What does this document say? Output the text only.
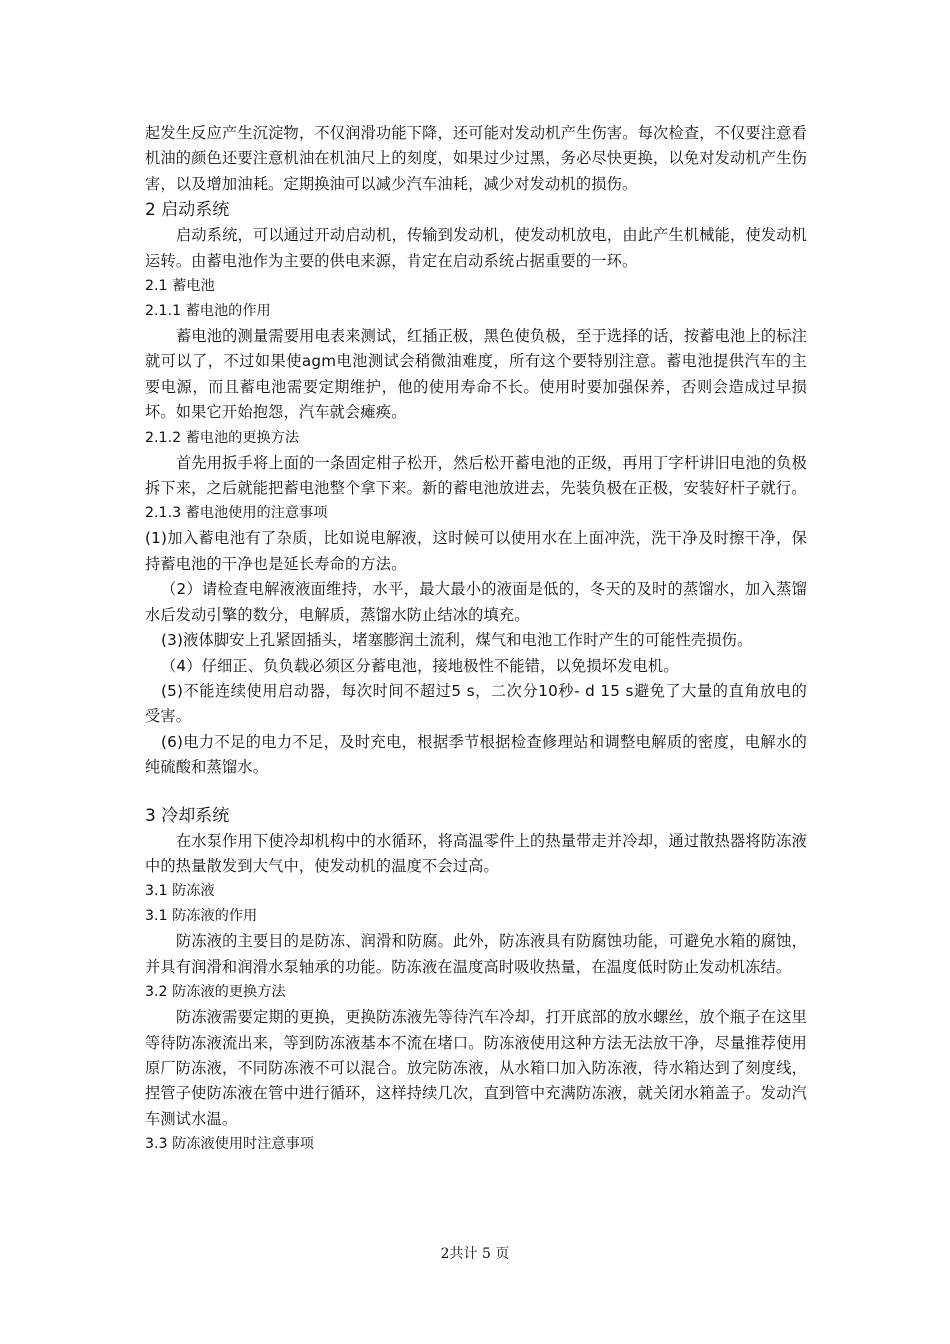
起发生反应产生沉淀物，不仅润滑功能下降，还可能对发动机产生伤害。每次检查，不仅要注意看机油的颜色还要注意机油在机油尺上的刻度，如果过少过黑，务必尽快更换，以免对发动机产生伤害，以及增加油耗。定期换油可以减少汽车油耗，减少对发动机的损伤。

2 启动系统

启动系统，可以通过开动启动机，传输到发动机，使发动机放电，由此产生机械能，使发动机运转。由蓄电池作为主要的供电来源，肯定在启动系统占据重要的一环。

2.1 蓄电池
2.1.1 蓄电池的作用

蓄电池的测量需要用电表来测试，红插正极，黑色使负极，至于选择的话，按蓄电池上的标注就可以了，不过如果使agm电池测试会稍微油难度，所有这个要特别注意。蓄电池提供汽车的主要电源，而且蓄电池需要定期维护，他的使用寿命不长。使用时要加强保养，否则会造成过早损坏。如果它开始抱怨，汽车就会瘫痪。

2.1.2 蓄电池的更换方法

首先用扳手将上面的一条固定柑子松开，然后松开蓄电池的正级，再用丁字杆讲旧电池的负极拆下来，之后就能把蓄电池整个拿下来。新的蓄电池放进去，先装负极在正极，安装好杆子就行。

2.1.3 蓄电池使用的注意事项

(1)加入蓄电池有了杂质，比如说电解液，这时候可以使用水在上面冲洗，洗干净及时擦干净，保持蓄电池的干净也是延长寿命的方法。

（2）请检查电解液液面维持，水平，最大最小的液面是低的，冬天的及时的蒸馏水，加入蒸馏水后发动引擎的数分，电解质，蒸馏水防止结冰的填充。

(3)液体脚安上孔紧固插头，堵塞膨润土流利，煤气和电池工作时产生的可能性壳损伤。

（4）仔细正、负负载必须区分蓄电池，接地极性不能错，以免损坏发电机。

(5)不能连续使用启动器，每次时间不超过5 s，二次分10秒- d 15 s避免了大量的直角放电的受害。

(6)电力不足的电力不足，及时充电，根据季节根据检查修理站和调整电解质的密度，电解水的纯硫酸和蒸馏水。

3 冷却系统

在水泵作用下使冷却机构中的水循环，将高温零件上的热量带走并冷却，通过散热器将防冻液中的热量散发到大气中，使发动机的温度不会过高。

3.1 防冻液
3.1 防冻液的作用

防冻液的主要目的是防冻、润滑和防腐。此外，防冻液具有防腐蚀功能，可避免水箱的腐蚀，并具有润滑和润滑水泵轴承的功能。防冻液在温度高时吸收热量，在温度低时防止发动机冻结。

3.2 防冻液的更换方法

防冻液需要定期的更换，更换防冻液先等待汽车冷却，打开底部的放水螺丝，放个瓶子在这里等待防冻液流出来，等到防冻液基本不流在堵口。防冻液使用这种方法无法放干净，尽量推荐使用原厂防冻液，不同防冻液不可以混合。放完防冻液，从水箱口加入防冻液，待水箱达到了刻度线，捏管子使防冻液在管中进行循环，这样持续几次，直到管中充满防冻液，就关闭水箱盖子。发动汽车测试水温。

3.3 防冻液使用时注意事项
2共计 5 页
